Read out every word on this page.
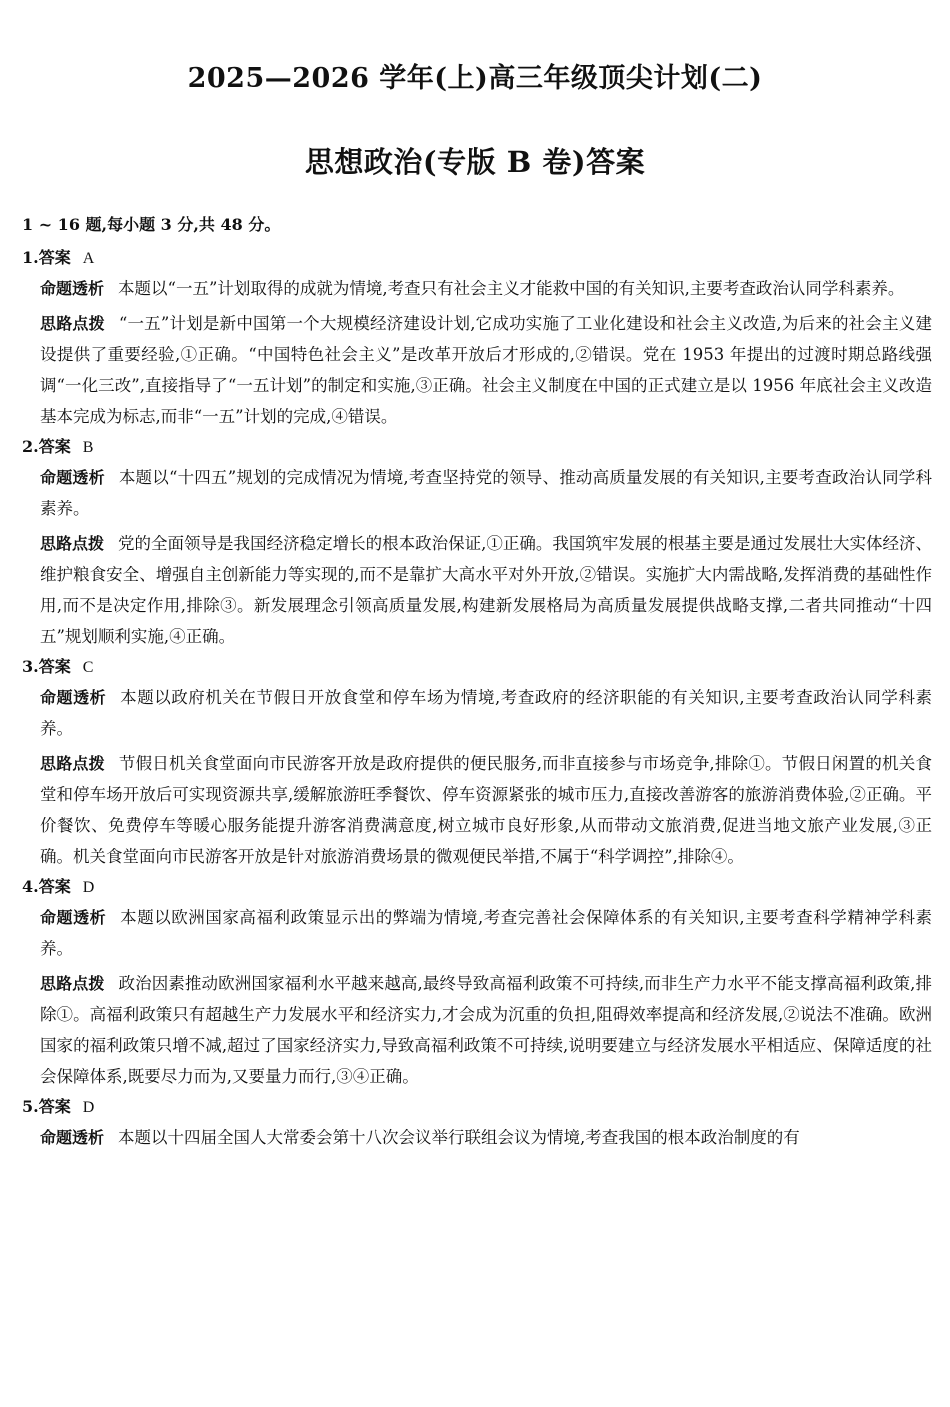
2025—2026 学年(上)高三年级顶尖计划(二)
思想政治(专版 B 卷)答案
1 ~ 16 题,每小题 3 分,共 48 分。
1.答案 A

命题透析 本题以“一五”计划取得的成就为情境,考查只有社会主义才能救中国的有关知识,主要考查政治认同学科素养。

思路点拨 “一五”计划是新中国第一个大规模经济建设计划,它成功实施了工业化建设和社会主义改造,为后来的社会主义建设提供了重要经验,①正确。“中国特色社会主义”是改革开放后才形成的,②错误。党在 1953 年提出的过渡时期总路线强调“一化三改”,直接指导了“一五计划”的制定和实施,③正确。社会主义制度在中国的正式建立是以 1956 年底社会主义改造基本完成为标志,而非“一五”计划的完成,④错误。

2.答案 B

命题透析 本题以“十四五”规划的完成情况为情境,考查坚持党的领导、推动高质量发展的有关知识,主要考查政治认同学科素养。

思路点拨 党的全面领导是我国经济稳定增长的根本政治保证,①正确。我国筑牢发展的根基主要是通过发展壮大实体经济、维护粮食安全、增强自主创新能力等实现的,而不是靠扩大高水平对外开放,②错误。实施扩大内需战略,发挥消费的基础性作用,而不是决定作用,排除③。新发展理念引领高质量发展,构建新发展格局为高质量发展提供战略支撑,二者共同推动“十四五”规划顺利实施,④正确。

3.答案 C

命题透析 本题以政府机关在节假日开放食堂和停车场为情境,考查政府的经济职能的有关知识,主要考查政治认同学科素养。

思路点拨 节假日机关食堂面向市民游客开放是政府提供的便民服务,而非直接参与市场竞争,排除①。节假日闲置的机关食堂和停车场开放后可实现资源共享,缓解旅游旺季餐饮、停车资源紧张的城市压力,直接改善游客的旅游消费体验,②正确。平价餐饮、免费停车等暖心服务能提升游客消费满意度,树立城市良好形象,从而带动文旅消费,促进当地文旅产业发展,③正确。机关食堂面向市民游客开放是针对旅游消费场景的微观便民举措,不属于“科学调控”,排除④。

4.答案 D

命题透析 本题以欧洲国家高福利政策显示出的弊端为情境,考查完善社会保障体系的有关知识,主要考查科学精神学科素养。

思路点拨 政治因素推动欧洲国家福利水平越来越高,最终导致高福利政策不可持续,而非生产力水平不能支撑高福利政策,排除①。高福利政策只有超越生产力发展水平和经济实力,才会成为沉重的负担,阻碍效率提高和经济发展,②说法不准确。欧洲国家的福利政策只增不减,超过了国家经济实力,导致高福利政策不可持续,说明要建立与经济发展水平相适应、保障适度的社会保障体系,既要尽力而为,又要量力而行,③④正确。

5.答案 D

命题透析 本题以十四届全国人大常委会第十八次会议举行联组会议为情境,考查我国的根本政治制度的有
